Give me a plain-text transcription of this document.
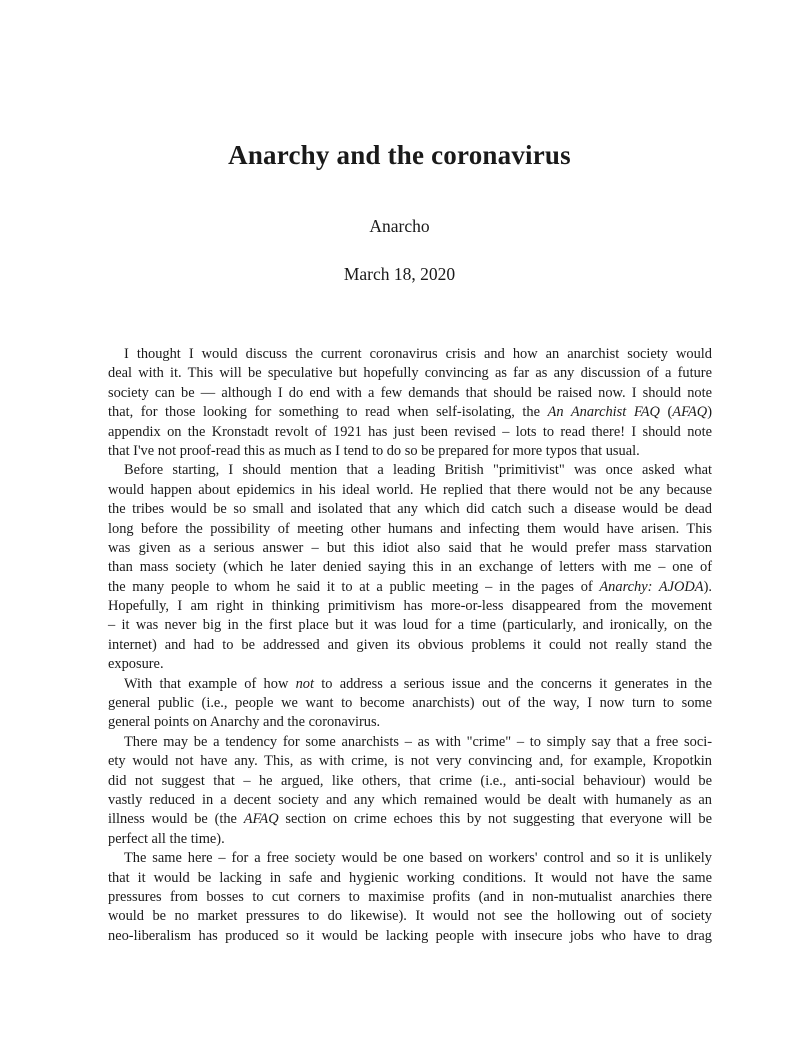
Anarchy and the coronavirus
Anarcho
March 18, 2020
I thought I would discuss the current coronavirus crisis and how an anarchist society would
deal with it. This will be speculative but hopefully convincing as far as any discussion of a future
society can be — although I do end with a few demands that should be raised now. I should note
that, for those looking for something to read when self-isolating, the An Anarchist FAQ (AFAQ)
appendix on the Kronstadt revolt of 1921 has just been revised – lots to read there! I should note
that I've not proof-read this as much as I tend to do so be prepared for more typos that usual.
Before starting, I should mention that a leading British "primitivist" was once asked what
would happen about epidemics in his ideal world. He replied that there would not be any because
the tribes would be so small and isolated that any which did catch such a disease would be dead
long before the possibility of meeting other humans and infecting them would have arisen. This
was given as a serious answer – but this idiot also said that he would prefer mass starvation
than mass society (which he later denied saying this in an exchange of letters with me – one of
the many people to whom he said it to at a public meeting – in the pages of Anarchy: AJODA).
Hopefully, I am right in thinking primitivism has more-or-less disappeared from the movement
– it was never big in the first place but it was loud for a time (particularly, and ironically, on the
internet) and had to be addressed and given its obvious problems it could not really stand the
exposure.
With that example of how not to address a serious issue and the concerns it generates in the
general public (i.e., people we want to become anarchists) out of the way, I now turn to some
general points on Anarchy and the coronavirus.
There may be a tendency for some anarchists – as with "crime" – to simply say that a free soci-
ety would not have any. This, as with crime, is not very convincing and, for example, Kropotkin
did not suggest that – he argued, like others, that crime (i.e., anti-social behaviour) would be
vastly reduced in a decent society and any which remained would be dealt with humanely as an
illness would be (the AFAQ section on crime echoes this by not suggesting that everyone will be
perfect all the time).
The same here – for a free society would be one based on workers' control and so it is unlikely
that it would be lacking in safe and hygienic working conditions. It would not have the same
pressures from bosses to cut corners to maximise profits (and in non-mutualist anarchies there
would be no market pressures to do likewise). It would not see the hollowing out of society
neo-liberalism has produced so it would be lacking people with insecure jobs who have to drag
